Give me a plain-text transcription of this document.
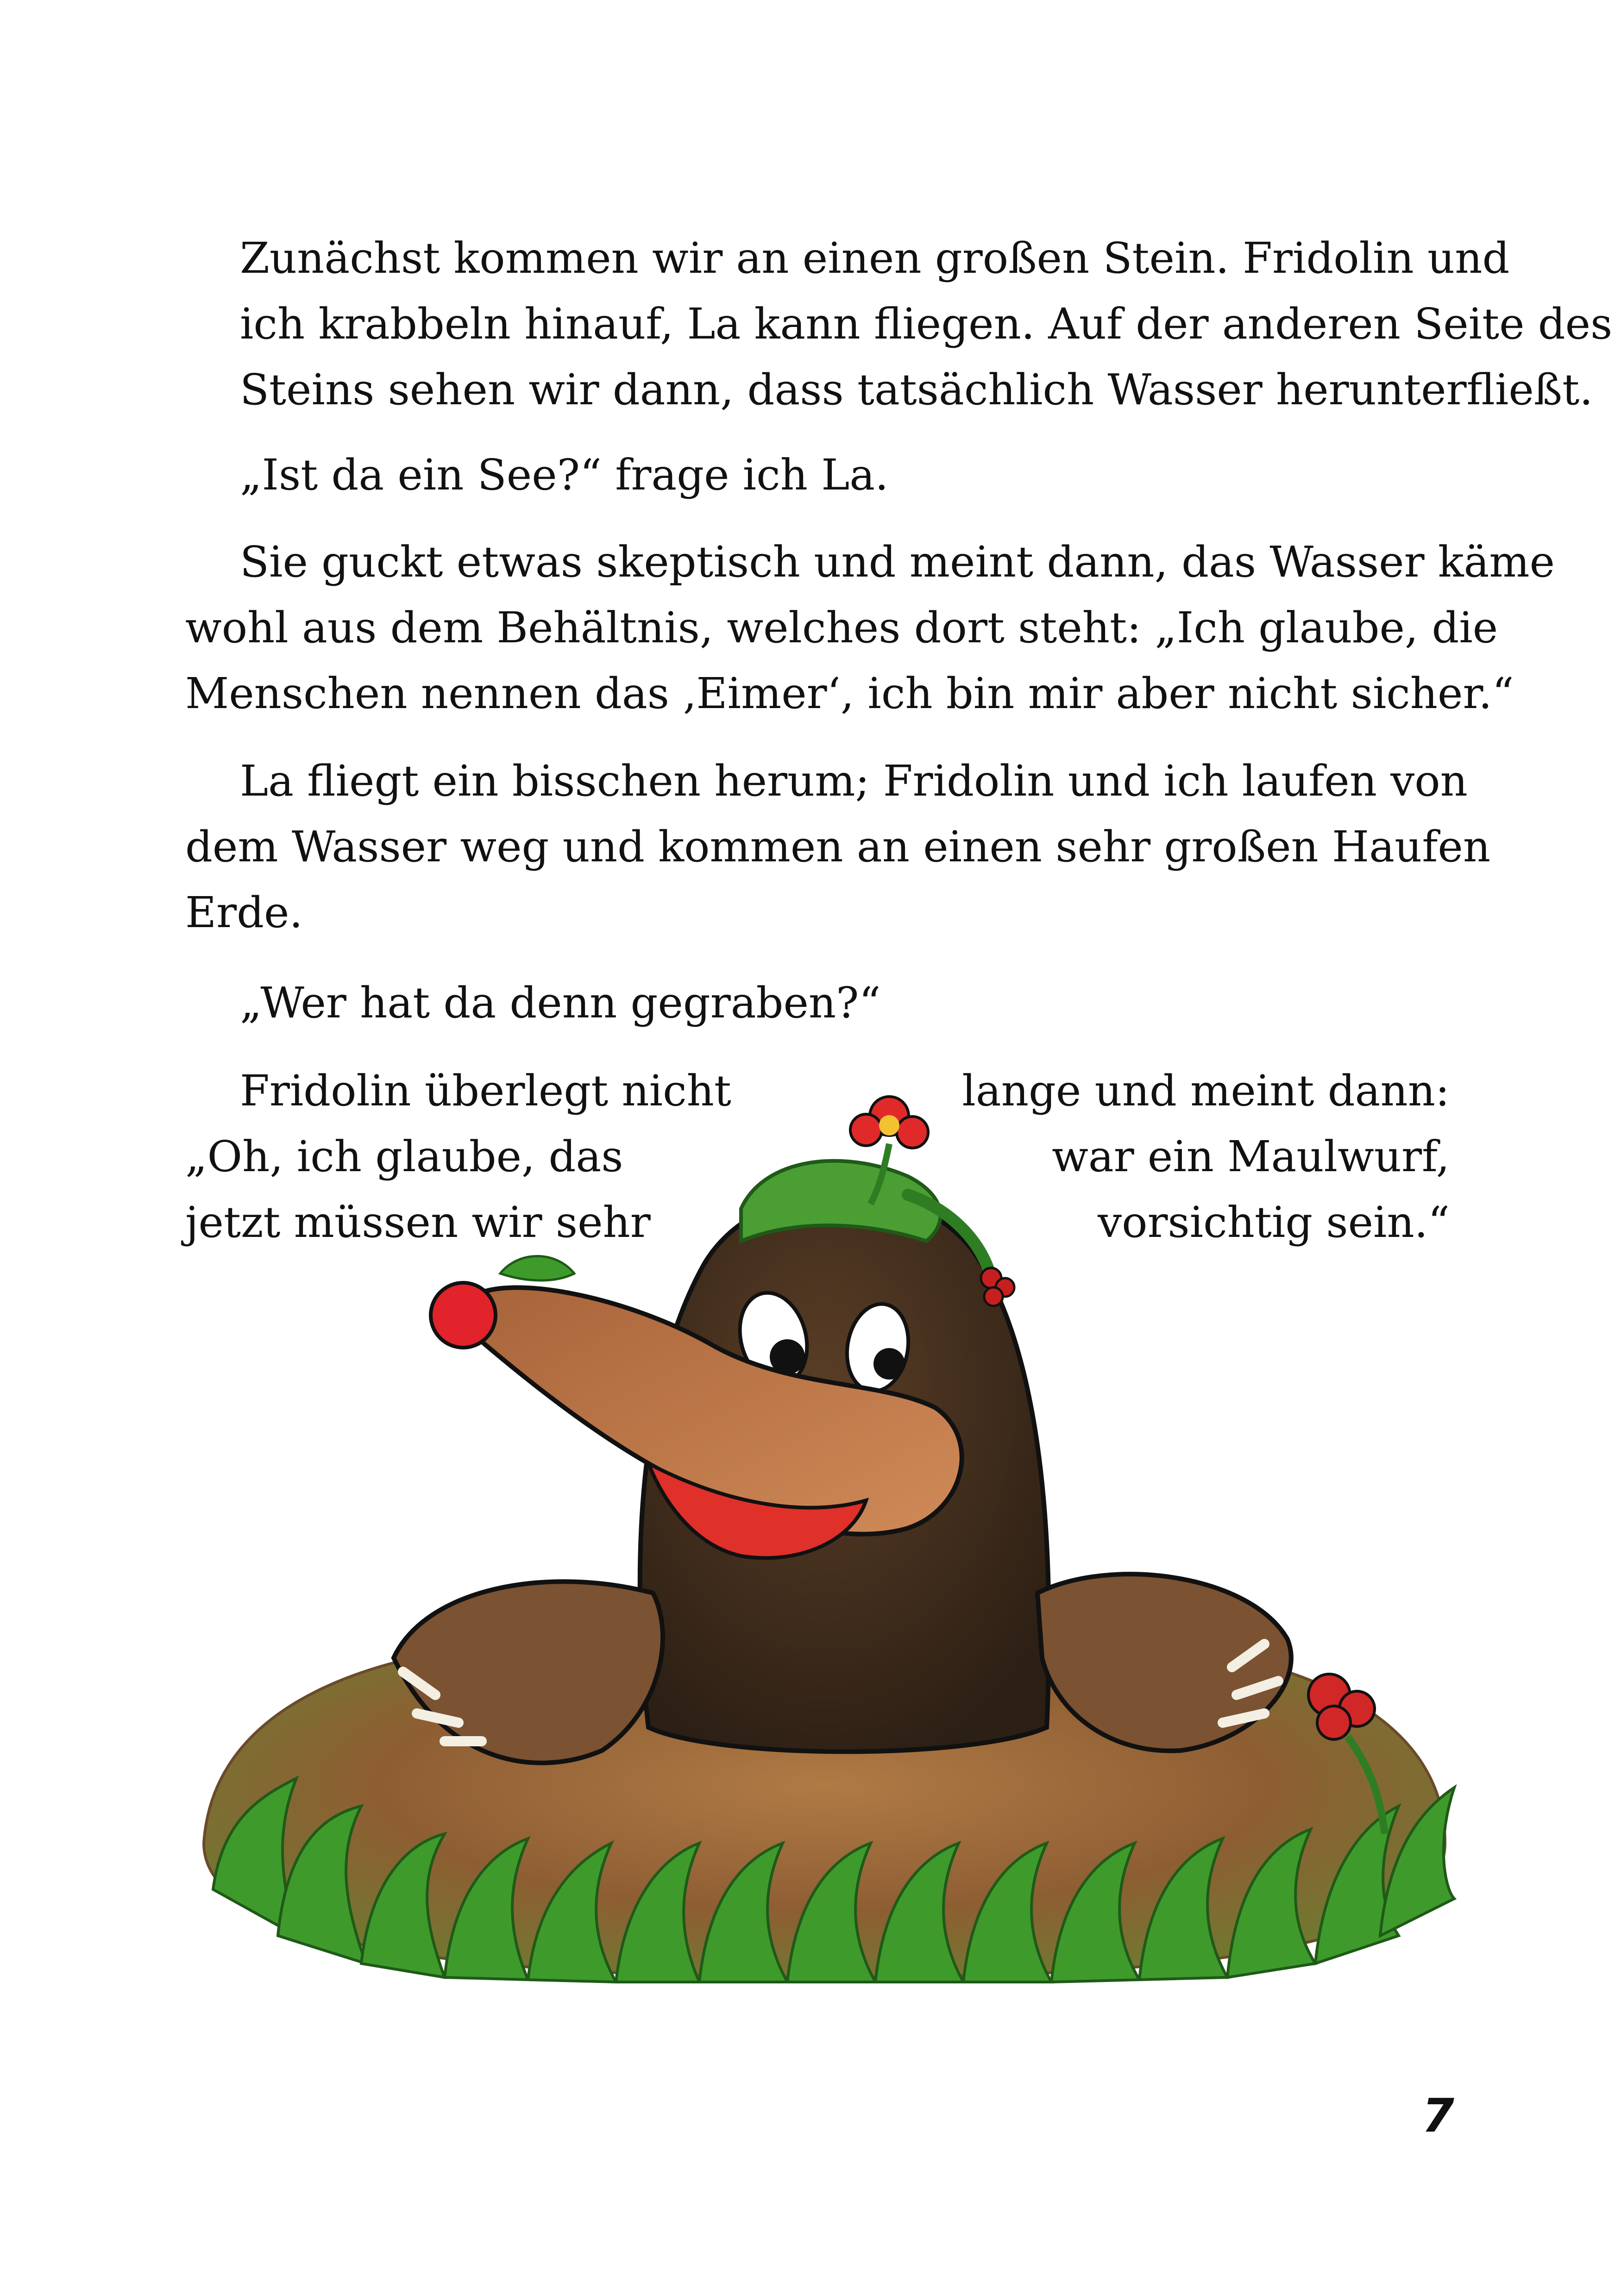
Zunächst kommen wir an einen großen Stein. Fridolin und
ich krabbeln hinauf, La kann fliegen. Auf der anderen Seite des
Steins sehen wir dann, dass tatsächlich Wasser herunterfließt.

„Ist da ein See?“ frage ich La.

Sie guckt etwas skeptisch und meint dann, das Wasser käme
wohl aus dem Behältnis, welches dort steht: „Ich glaube, die
Menschen nennen das ‚Eimer‘, ich bin mir aber nicht sicher.“

La fliegt ein bisschen herum; Fridolin und ich laufen von
dem Wasser weg und kommen an einen sehr großen Haufen
Erde.

„Wer hat da denn gegraben?“

Fridolin überlegt nicht	lange und meint dann:
„Oh, ich glaube, das	war ein Maulwurf,
jetzt müssen wir sehr	vorsichtig sein.“
7
